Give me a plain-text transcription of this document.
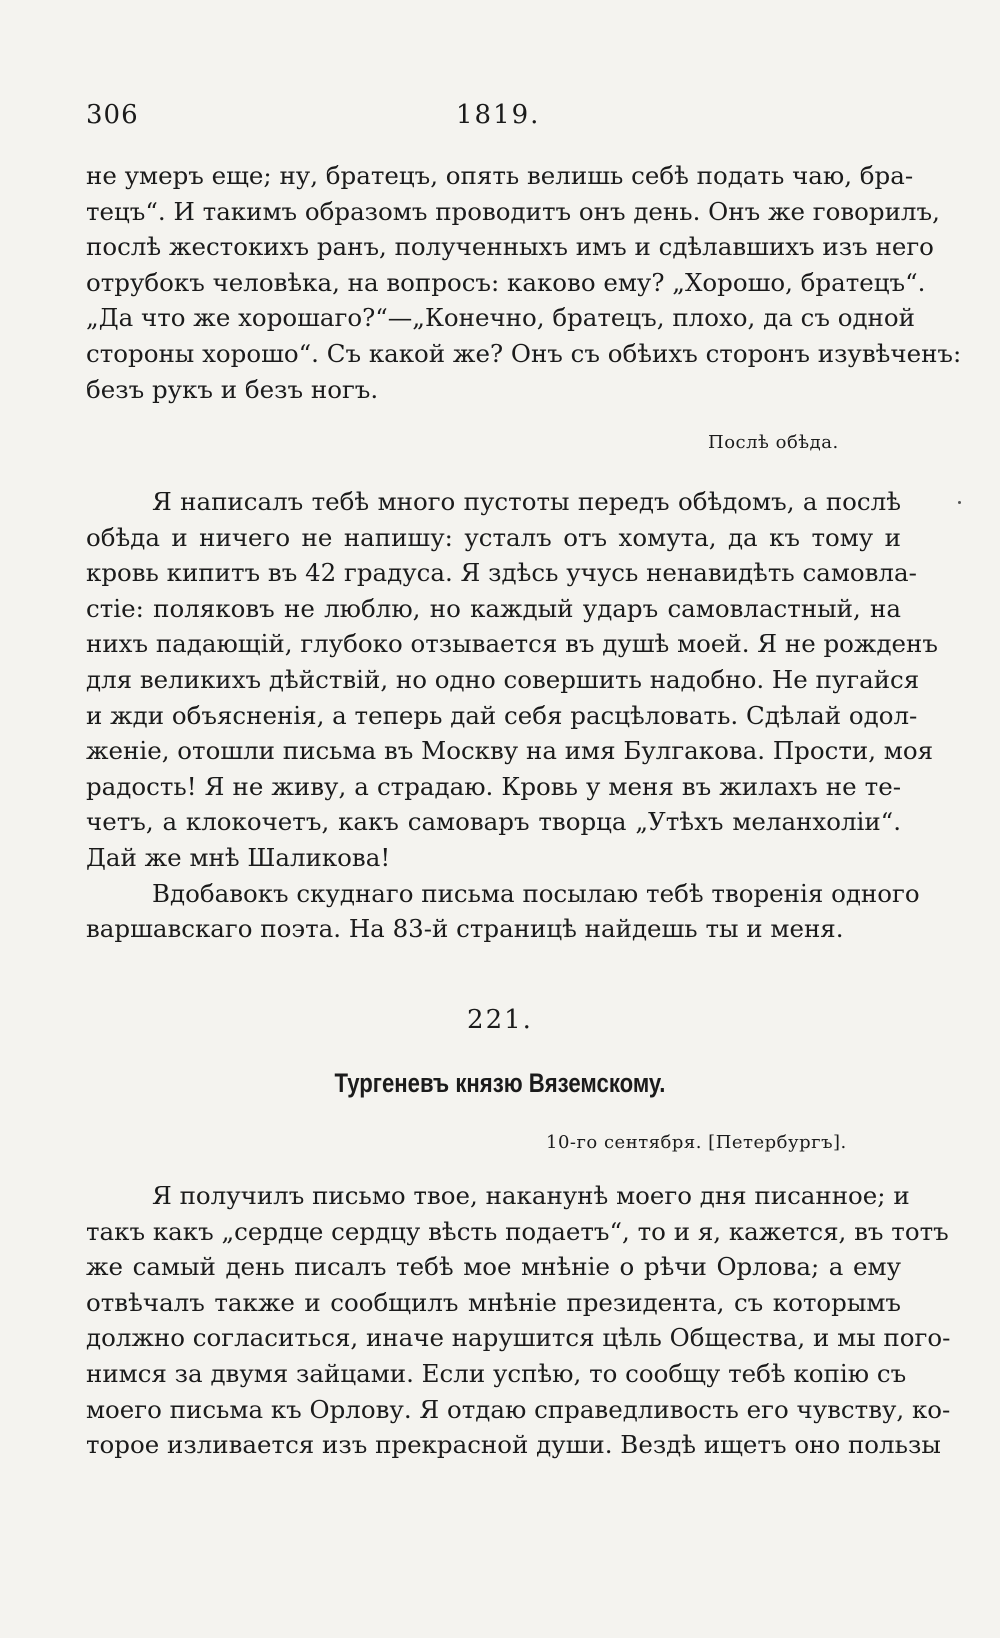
306	1819.
не умеръ еще; ну, братецъ, опять велишь себѣ подать чаю, бра-
тецъ“. И такимъ образомъ проводитъ онъ день. Онъ же говорилъ,
послѣ жестокихъ ранъ, полученныхъ имъ и сдѣлавшихъ изъ него
отрубокъ человѣка, на вопросъ: каково ему? „Хорошо, братецъ“.
„Да что же хорошаго?“—„Конечно, братецъ, плохо, да съ одной
стороны хорошо“. Съ какой же? Онъ съ обѣихъ сторонъ изувѣченъ:
безъ рукъ и безъ ногъ.
Послѣ обѣда.
Я написалъ тебѣ много пустоты передъ обѣдомъ, а послѣ
обѣда и ничего не напишу: усталъ отъ хомута, да къ тому и
кровь кипитъ въ 42 градуса. Я здѣсь учусь ненавидѣть самовла-
стіе: поляковъ не люблю, но каждый ударъ самовластный, на
нихъ падающій, глубоко отзывается въ душѣ моей. Я не рожденъ
для великихъ дѣйствій, но одно совершить надобно. Не пугайся
и жди объясненія, а теперь дай себя расцѣловать. Сдѣлай одол-
женіе, отошли письма въ Москву на имя Булгакова. Прости, моя
радость! Я не живу, а страдаю. Кровь у меня въ жилахъ не те-
четъ, а клокочетъ, какъ самоваръ творца „Утѣхъ меланхоліи“.
Дай же мнѣ Шаликова!
Вдобавокъ скуднаго письма посылаю тебѣ творенія одного
варшавскаго поэта. На 83-й страницѣ найдешь ты и меня.
221.
Тургеневъ князю Вяземскому.
10-го сентября. [Петербургъ].
Я получилъ письмо твое, наканунѣ моего дня писанное; и
такъ какъ „сердце сердцу вѣсть подаетъ“, то и я, кажется, въ тотъ
же самый день писалъ тебѣ мое мнѣніе о рѣчи Орлова; а ему
отвѣчалъ также и сообщилъ мнѣніе президента, съ которымъ
должно согласиться, иначе нарушится цѣль Общества, и мы пого-
нимся за двумя зайцами. Если успѣю, то сообщу тебѣ копію съ
моего письма къ Орлову. Я отдаю справедливость его чувству, ко-
торое изливается изъ прекрасной души. Вездѣ ищетъ оно пользы
